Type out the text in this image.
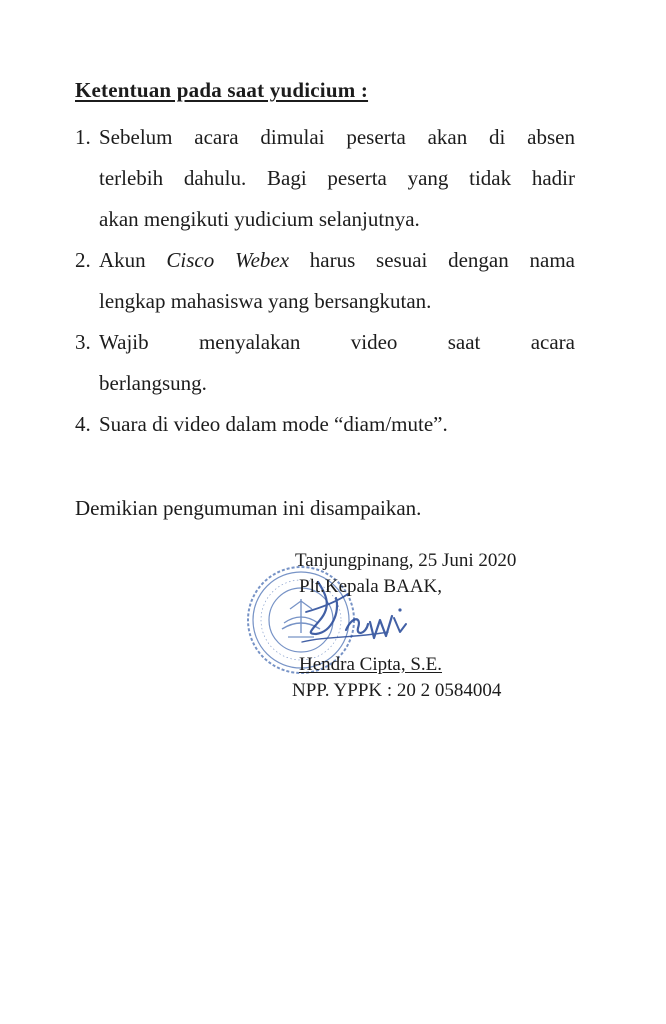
Ketentuan pada saat yudicium :
1. Sebelum acara dimulai peserta akan di absen
terlebih dahulu. Bagi peserta yang tidak hadir
akan mengikuti yudicium selanjutnya.
2. Akun Cisco Webex harus sesuai dengan nama
lengkap mahasiswa yang bersangkutan.
3. Wajib menyalakan video saat acara
berlangsung.
4. Suara di video dalam mode “diam/mute”.
Demikian pengumuman ini disampaikan.
Tanjungpinang, 25 Juni 2020
Plt.Kepala BAAK,
Hendra Cipta, S.E.
NPP. YPPK : 20 2 0584004
